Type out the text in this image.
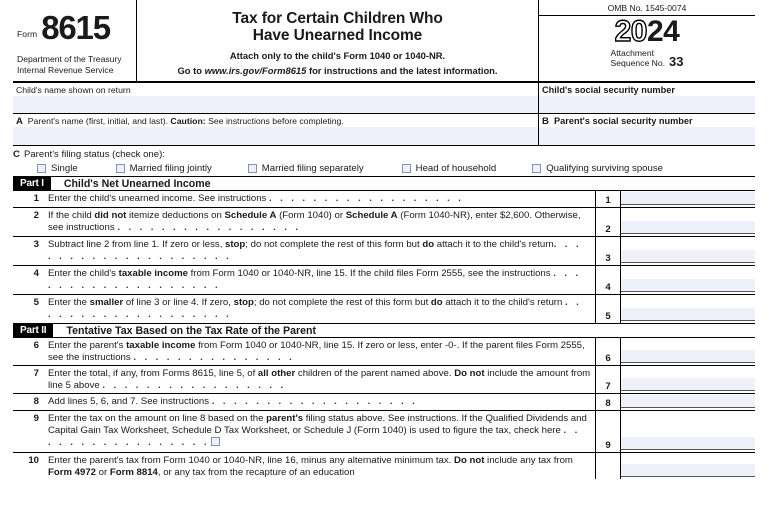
Form 8615
Department of the Treasury
Internal Revenue Service
Tax for Certain Children Who
Have Unearned Income
Attach only to the child's Form 1040 or 1040-NR.
Go to www.irs.gov/Form8615 for instructions and the latest information.
OMB No. 1545-0074
2024
Attachment
Sequence No. 33
Child's name shown on return	Child's social security number
A Parent's name (first, initial, and last). Caution: See instructions before completing.	B Parent's social security number
C Parent's filing status (check one):
Single	Married filing jointly	Married filing separately	Head of household	Qualifying surviving spouse
Part I	Child's Net Unearned Income
1 Enter the child's unearned income. See instructions . . . . . . . . . . . . . . . . . .	1
2 If the child did not itemize deductions on Schedule A (Form 1040) or Schedule A (Form 1040-NR), enter $2,600. Otherwise, see instructions . . . . . . . . . . . . . . . . .	2
3 Subtract line 2 from line 1. If zero or less, stop; do not complete the rest of this form but do attach it to the child's return. . . . . . . . . . . . . . . . . . . .	3
4 Enter the child's taxable income from Form 1040 or 1040-NR, line 15. If the child files Form 2555, see the instructions . . . . . . . . . . . . . . . . . . .	4
5 Enter the smaller of line 3 or line 4. If zero, stop; do not complete the rest of this form but do attach it to the child's return . . . . . . . . . . . . . . . . . . .	5
Part II	Tentative Tax Based on the Tax Rate of the Parent
6 Enter the parent's taxable income from Form 1040 or 1040-NR, line 15. If zero or less, enter -0-. If the parent files Form 2555, see the instructions . . . . . . . . . . . . . . .	6
7 Enter the total, if any, from Forms 8615, line 5, of all other children of the parent named above. Do not include the amount from line 5 above . . . . . . . . . . . . . . . . .	7
8 Add lines 5, 6, and 7. See instructions . . . . . . . . . . . . . . . . . . .	8
9 Enter the tax on the amount on line 8 based on the parent's filing status above. See instructions. If the Qualified Dividends and Capital Gain Tax Worksheet, Schedule D Tax Worksheet, or Schedule J (Form 1040) is used to figure the tax, check here . . . . . . . . . . . . . . . . .	9
10 Enter the parent's tax from Form 1040 or 1040-NR, line 16, minus any alternative minimum tax. Do not include any tax from Form 4972 or Form 8814, or any tax from the recapture of an education
